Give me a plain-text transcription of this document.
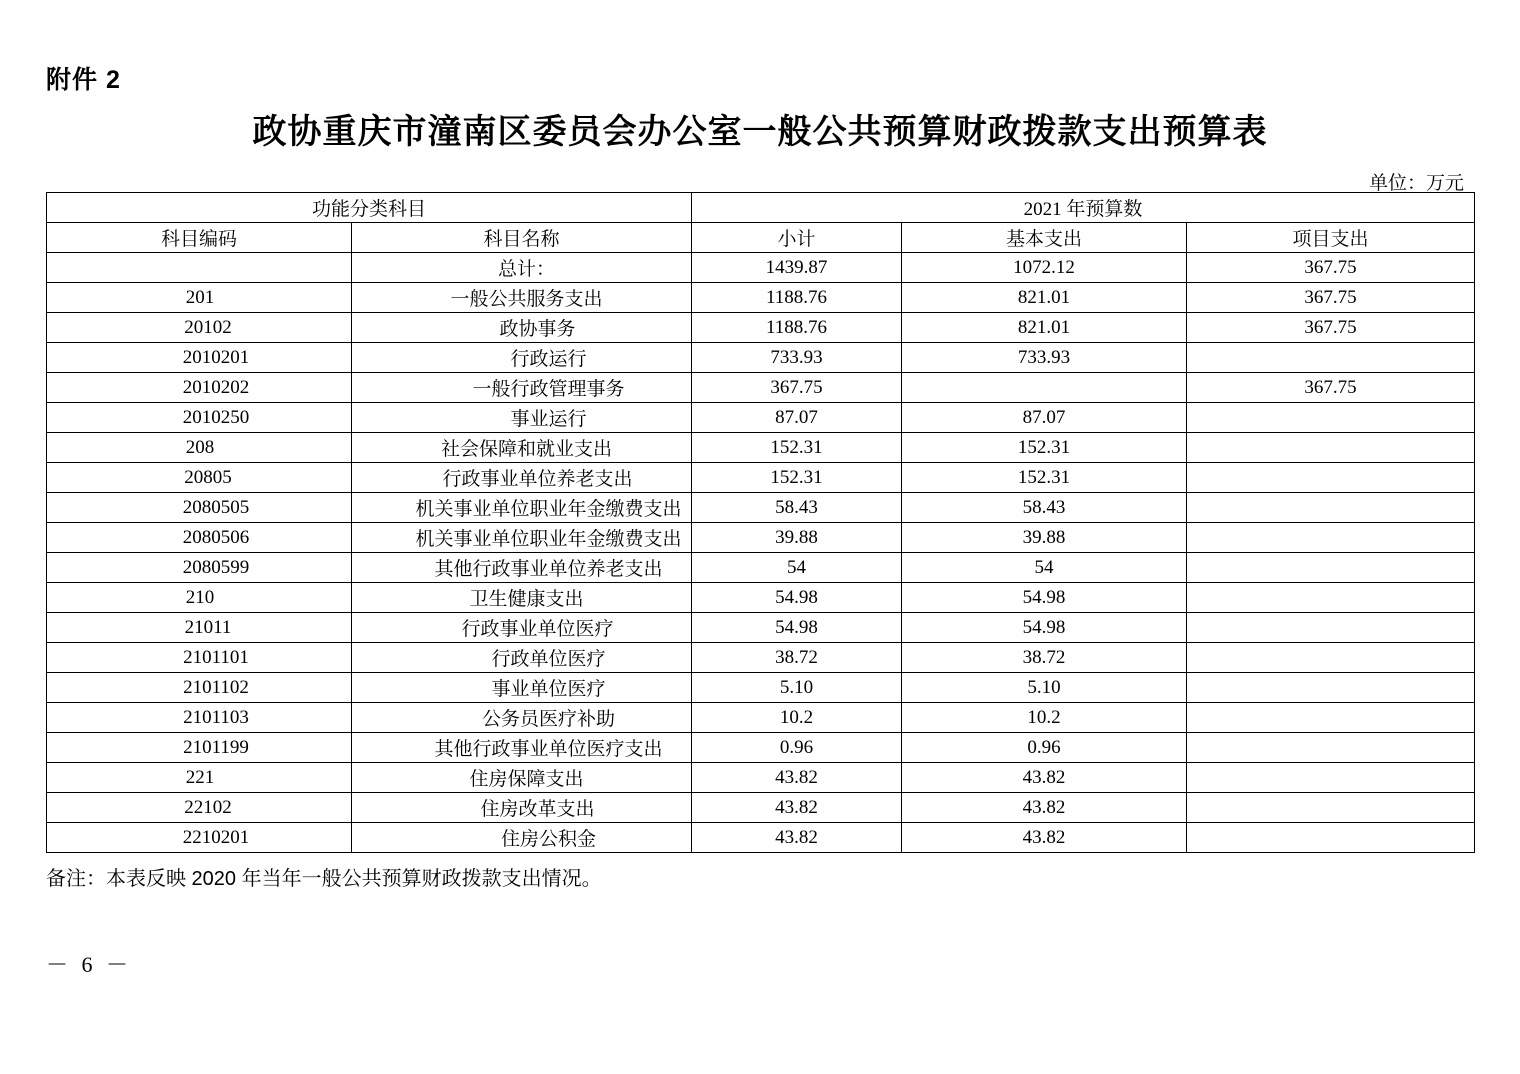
附件 2
政协重庆市潼南区委员会办公室一般公共预算财政拨款支出预算表
单位：万元
功能分类科目		2021 年预算数		
科目编码	科目名称	小计	基本支出	项目支出
	总计：	1439.87	1072.12	367.75
201	一般公共服务支出	1188.76	821.01	367.75
20102	政协事务	1188.76	821.01	367.75
2010201	行政运行	733.93	733.93	
2010202	一般行政管理事务	367.75		367.75
2010250	事业运行	87.07	87.07	
208	社会保障和就业支出	152.31	152.31	
20805	行政事业单位养老支出	152.31	152.31	
2080505	机关事业单位职业年金缴费支出	58.43	58.43	
2080506	机关事业单位职业年金缴费支出	39.88	39.88	
2080599	其他行政事业单位养老支出	54	54	
210	卫生健康支出	54.98	54.98	
21011	行政事业单位医疗	54.98	54.98	
2101101	行政单位医疗	38.72	38.72	
2101102	事业单位医疗	5.10	5.10	
2101103	公务员医疗补助	10.2	10.2	
2101199	其他行政事业单位医疗支出	0.96	0.96	
221	住房保障支出	43.82	43.82	
22102	住房改革支出	43.82	43.82	
2210201	住房公积金	43.82	43.82	
备注：本表反映 2020 年当年一般公共预算财政拨款支出情况。
－ 6 －
